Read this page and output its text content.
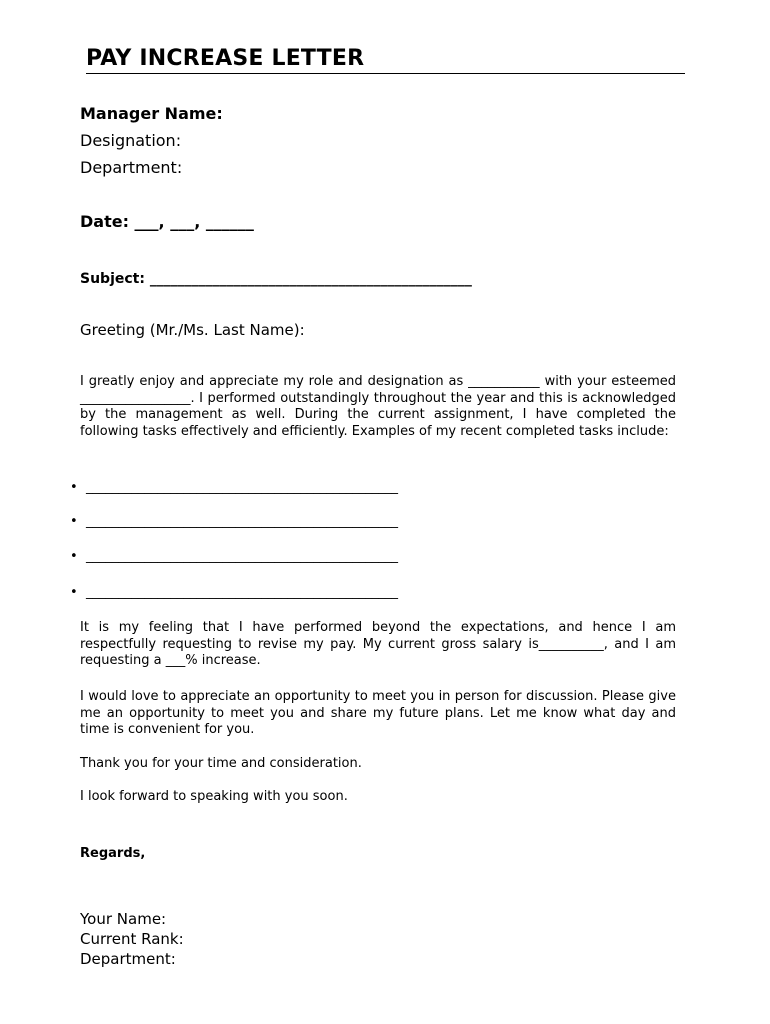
PAY INCREASE LETTER
Manager Name:
Designation:
Department:
Date: ___, ___, ______
Subject: ______________________________________________
Greeting (Mr./Ms. Last Name):
I greatly enjoy and appreciate my role and designation as ___________ with your esteemed _________________. I performed outstandingly throughout the year and this is acknowledged by the management as well. During the current assignment, I have completed the following tasks effectively and efficiently. Examples of my recent completed tasks include:
• ________________________________________________
• ________________________________________________
• ________________________________________________
• ________________________________________________
It is my feeling that I have performed beyond the expectations, and hence I am respectfully requesting to revise my pay. My current gross salary is__________, and I am requesting a ___% increase.
I would love to appreciate an opportunity to meet you in person for discussion. Please give me an opportunity to meet you and share my future plans. Let me know what day and time is convenient for you.
Thank you for your time and consideration.
I look forward to speaking with you soon.
Regards,
Your Name:
Current Rank:
Department:
